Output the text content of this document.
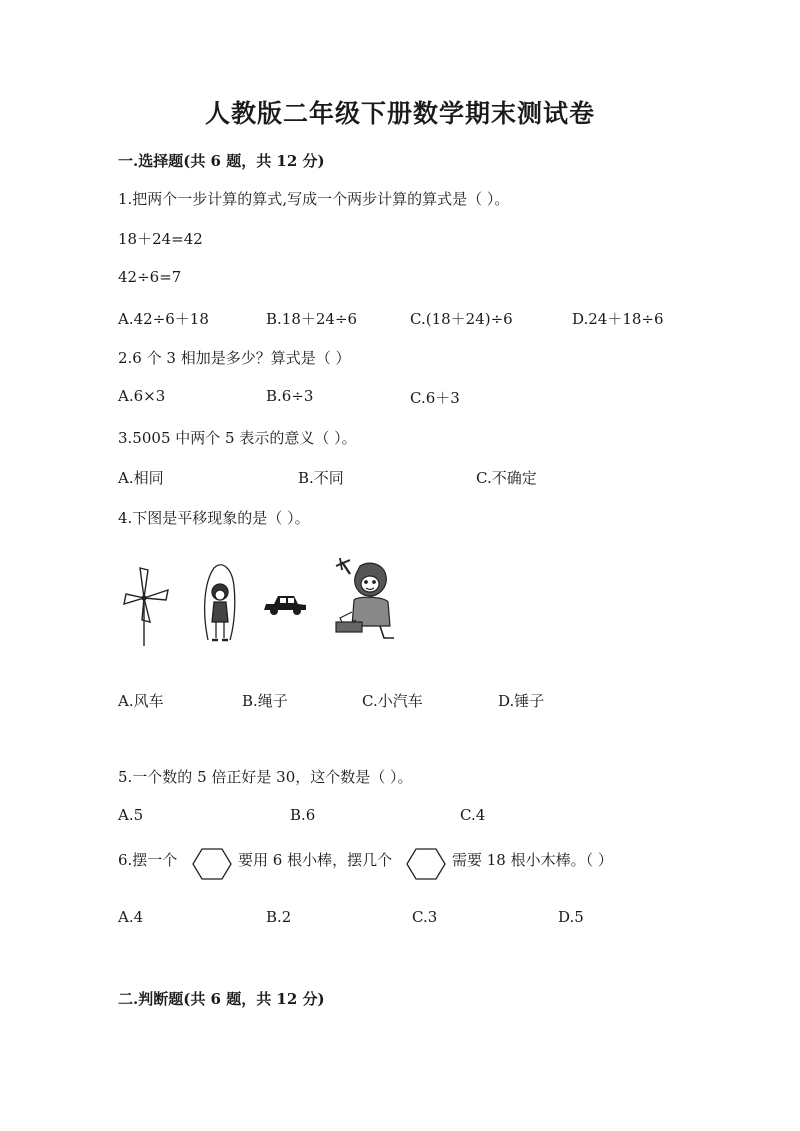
人教版二年级下册数学期末测试卷
一.选择题(共 6 题，共 12 分)
1.把两个一步计算的算式,写成一个两步计算的算式是（ ）。
18＋24=42
42÷6=7
A.42÷6＋18	B.18＋24÷6	C.(18＋24)÷6	D.24＋18÷6
2.6 个 3 相加是多少？算式是（ ）
A.6×3	B.6÷3	C.6＋3
3.5005 中两个 5 表示的意义（ ）。
A.相同	B.不同	C.不确定
4.下图是平移现象的是（ ）。
A.风车	B.绳子	C.小汽车	D.锤子
5.一个数的 5 倍正好是 30，这个数是（ ）。
A.5	B.6	C.4
6.摆一个	要用 6 根小棒，摆几个	需要 18 根小木棒。（ ）
A.4	B.2	C.3	D.5
二.判断题(共 6 题，共 12 分)
